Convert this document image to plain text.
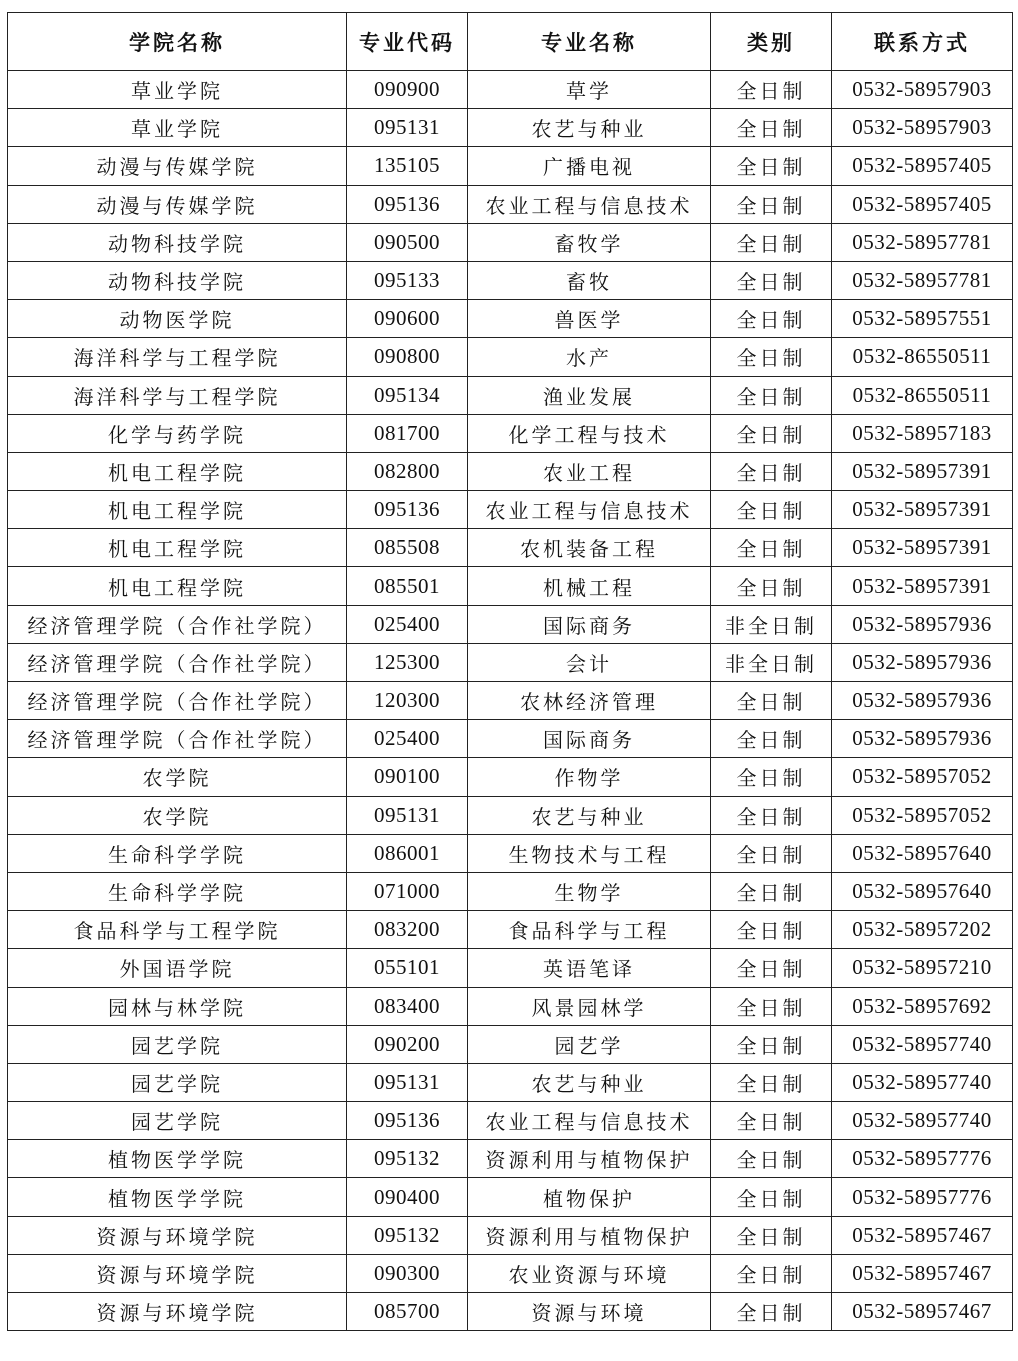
学院名称	专业代码	专业名称	类别	联系方式
草业学院	090900	草学	全日制	0532-58957903
草业学院	095131	农艺与种业	全日制	0532-58957903
动漫与传媒学院	135105	广播电视	全日制	0532-58957405
动漫与传媒学院	095136	农业工程与信息技术	全日制	0532-58957405
动物科技学院	090500	畜牧学	全日制	0532-58957781
动物科技学院	095133	畜牧	全日制	0532-58957781
动物医学院	090600	兽医学	全日制	0532-58957551
海洋科学与工程学院	090800	水产	全日制	0532-86550511
海洋科学与工程学院	095134	渔业发展	全日制	0532-86550511
化学与药学院	081700	化学工程与技术	全日制	0532-58957183
机电工程学院	082800	农业工程	全日制	0532-58957391
机电工程学院	095136	农业工程与信息技术	全日制	0532-58957391
机电工程学院	085508	农机装备工程	全日制	0532-58957391
机电工程学院	085501	机械工程	全日制	0532-58957391
经济管理学院（合作社学院）	025400	国际商务	非全日制	0532-58957936
经济管理学院（合作社学院）	125300	会计	非全日制	0532-58957936
经济管理学院（合作社学院）	120300	农林经济管理	全日制	0532-58957936
经济管理学院（合作社学院）	025400	国际商务	全日制	0532-58957936
农学院	090100	作物学	全日制	0532-58957052
农学院	095131	农艺与种业	全日制	0532-58957052
生命科学学院	086001	生物技术与工程	全日制	0532-58957640
生命科学学院	071000	生物学	全日制	0532-58957640
食品科学与工程学院	083200	食品科学与工程	全日制	0532-58957202
外国语学院	055101	英语笔译	全日制	0532-58957210
园林与林学院	083400	风景园林学	全日制	0532-58957692
园艺学院	090200	园艺学	全日制	0532-58957740
园艺学院	095131	农艺与种业	全日制	0532-58957740
园艺学院	095136	农业工程与信息技术	全日制	0532-58957740
植物医学学院	095132	资源利用与植物保护	全日制	0532-58957776
植物医学学院	090400	植物保护	全日制	0532-58957776
资源与环境学院	095132	资源利用与植物保护	全日制	0532-58957467
资源与环境学院	090300	农业资源与环境	全日制	0532-58957467
资源与环境学院	085700	资源与环境	全日制	0532-58957467
